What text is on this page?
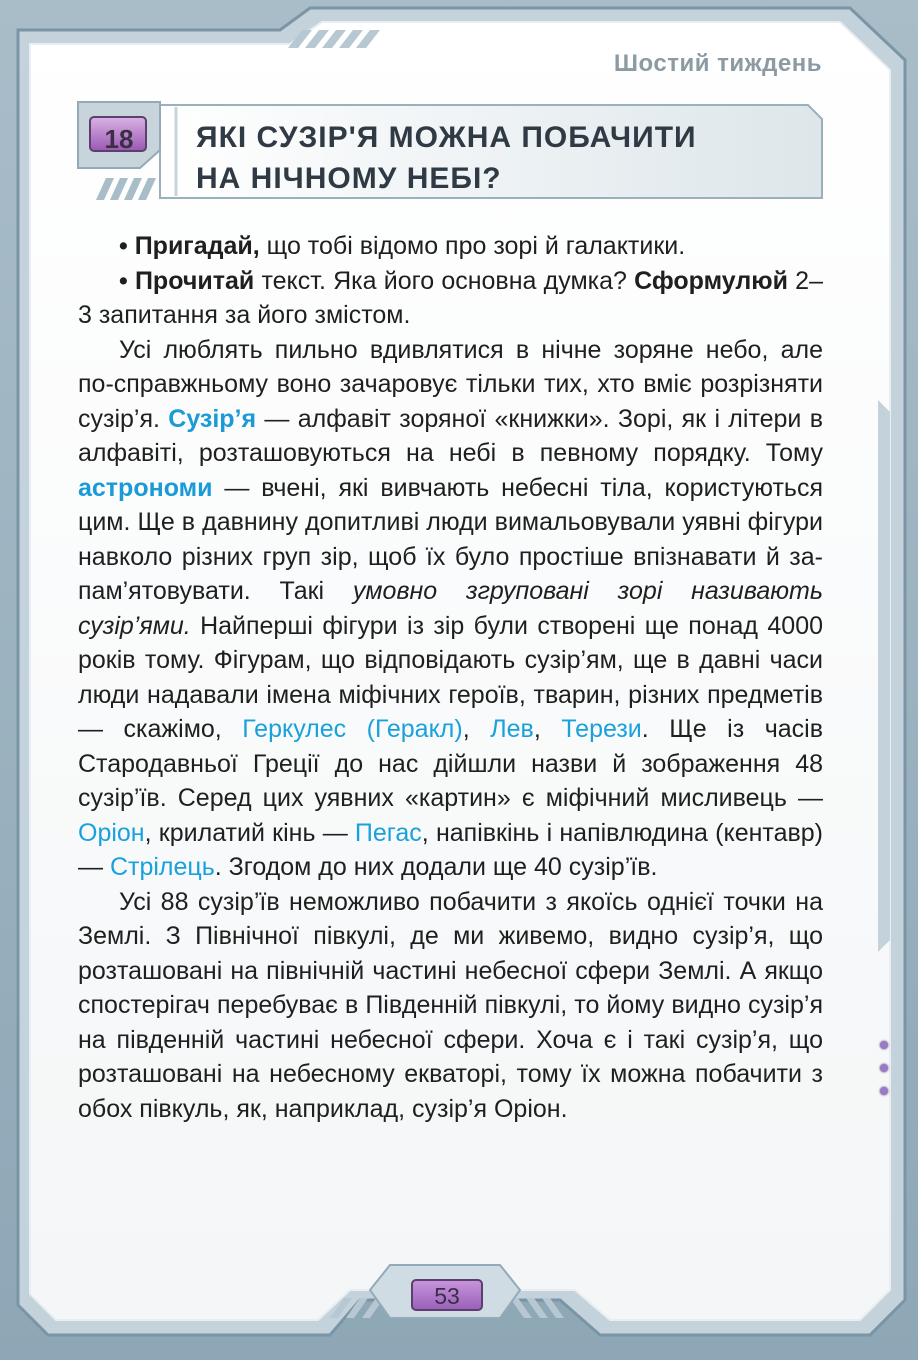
Шостий тиждень
18	ЯКІ СУЗІР'Я МОЖНА ПОБАЧИТИ
НА НІЧНОМУ НЕБІ?

• Пригадай, що тобі відомо про зорі й галактики.

• Прочитай текст. Яка його основна думка? Сформулюй 2–3 запитання за його змістом.

Усі люблять пильно вдивлятися в нічне зоряне небо, але по-справжньому воно зачаровує тільки тих, хто вміє розрізняти сузір’я. Сузір’я — алфавіт зоряної «книжки». Зорі, як і літери в алфавіті, розташовуються на небі в певному порядку. Тому астрономи — вчені, які вивчають небесні тіла, користуються цим. Ще в давнину допитливі люди вимальовували уявні фігури навколо різних груп зір, щоб їх було простіше впізнавати й запам’ятовувати. Такі умовно згруповані зорі називають сузір’ями. Найперші фігури із зір були створені ще понад 4000 років тому. Фігурам, що відповідають сузір’ям, ще в давні часи люди надавали імена міфічних героїв, тварин, різних предметів — скажімо, Геркулес (Геракл), Лев, Терези. Ще із часів Стародавньої Греції до нас дійшли назви й зображення 48 сузір’їв. Серед цих уявних «картин» є міфічний мисливець — Оріон, крилатий кінь — Пегас, напівкінь і напівлюдина (кентавр) — Стрілець. Згодом до них додали ще 40 сузір’їв.

Усі 88 сузір’їв неможливо побачити з якоїсь однієї точки на Землі. З Північної півкулі, де ми живемо, видно сузір’я, що розташовані на північній частині небесної сфери Землі. А якщо спостерігач перебуває в Південній півкулі, то йому видно сузір’я на південній частині небесної сфери. Хоча є і такі сузір’я, що розташовані на небесному екваторі, тому їх можна побачити з обох півкуль, як, наприклад, сузір’я Оріон.

53
